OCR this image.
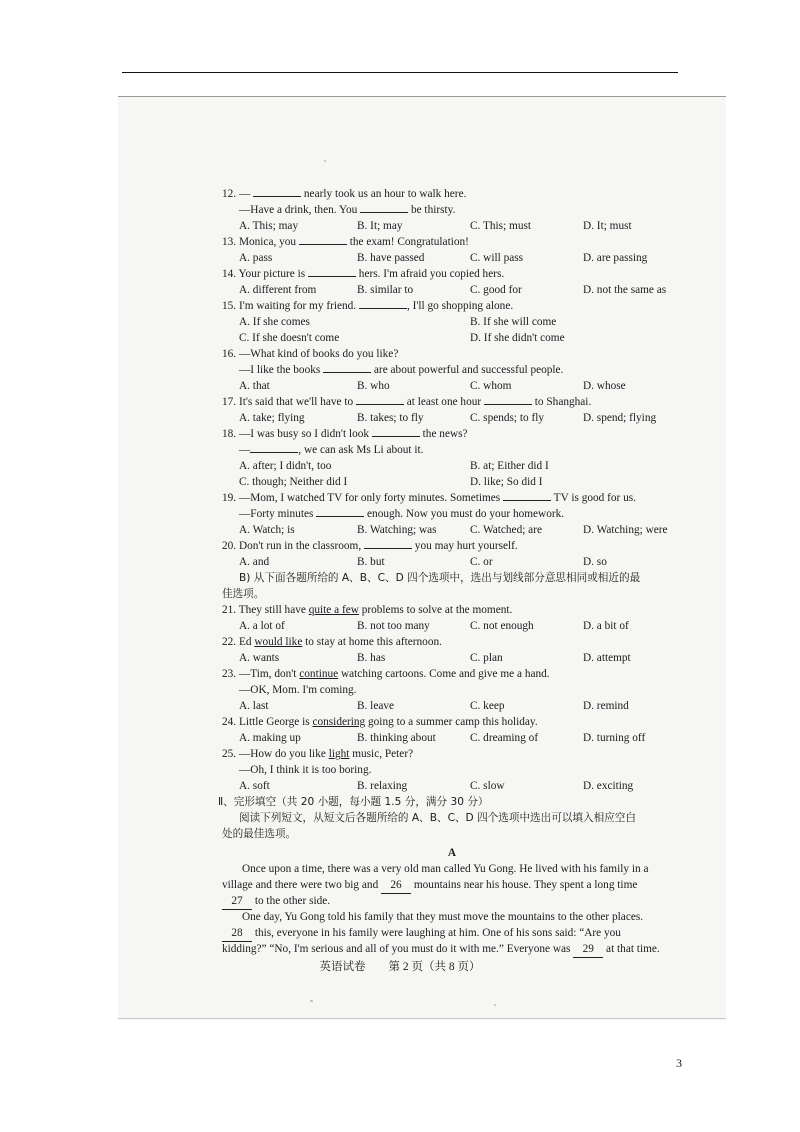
12. —	nearly took us an hour to walk here.
—Have a drink, then. You	be thirsty.
A. This; may	B. It; may	C. This; must	D. It; must
13. Monica, you	the exam! Congratulation!
A. pass	B. have passed	C. will pass	D. are passing
14. Your picture is	hers. I'm afraid you copied hers.
A. different from	B. similar to	C. good for	D. not the same as
15. I'm waiting for my friend.	, I'll go shopping alone.
A. If she comes	B. If she will come
C. If she doesn't come	D. If she didn't come
16. —What kind of books do you like?
—I like the books	are about powerful and successful people.
A. that	B. who	C. whom	D. whose
17. It's said that we'll have to	at least one hour	to Shanghai.
A. take; flying	B. takes; to fly	C. spends; to fly	D. spend; flying
18. —I was busy so I didn't look	the news?
—	, we can ask Ms Li about it.
A. after; I didn't, too	B. at; Either did I
C. though; Neither did I	D. like; So did I
19. —Mom, I watched TV for only forty minutes. Sometimes	TV is good for us.
—Forty minutes	enough. Now you must do your homework.
A. Watch; is	B. Watching; was	C. Watched; are	D. Watching; were
20. Don't run in the classroom,	you may hurt yourself.
A. and	B. but	C. or	D. so
B) 从下面各题所给的 A、B、C、D 四个选项中，选出与划线部分意思相同或相近的最
佳选项。
21. They still have quite a few problems to solve at the moment.
A. a lot of	B. not too many	C. not enough	D. a bit of
22. Ed would like to stay at home this afternoon.
A. wants	B. has	C. plan	D. attempt
23. —Tim, don't continue watching cartoons. Come and give me a hand.
—OK, Mom. I'm coming.
A. last	B. leave	C. keep	D. remind
24. Little George is considering going to a summer camp this holiday.
A. making up	B. thinking about	C. dreaming of	D. turning off
25. —How do you like light music, Peter?
—Oh, I think it is too boring.
A. soft	B. relaxing	C. slow	D. exciting
Ⅱ、完形填空（共 20 小题，每小题 1.5 分，满分 30 分）
阅读下列短文，从短文后各题所给的 A、B、C、D 四个选项中选出可以填入相应空白
处的最佳选项。
A
Once upon a time, there was a very old man called Yu Gong. He lived with his family in a
village and there were two big and 26 mountains near his house. They spent a long time
27 to the other side.
One day, Yu Gong told his family that they must move the mountains to the other places.
28 this, everyone in his family were laughing at him. One of his sons said: “Are you
kidding?” “No, I'm serious and all of you must do it with me.” Everyone was 29 at that time.
英语试卷　　第 2 页（共 8 页）
3
